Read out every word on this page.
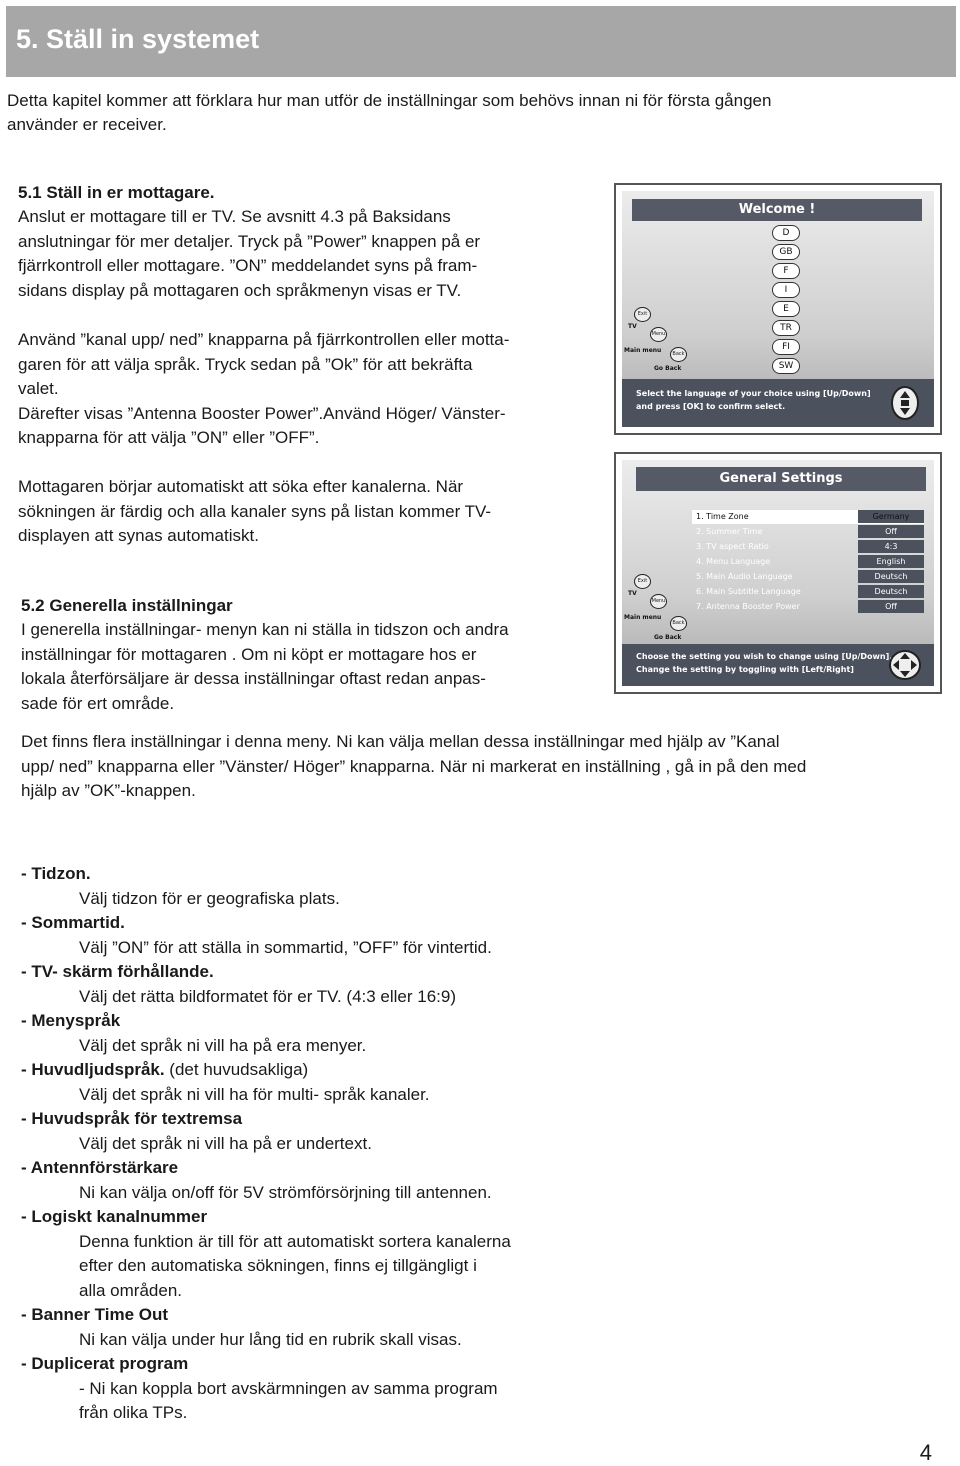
5. Ställ in systemet

Detta kapitel kommer att förklara hur man utför de inställningar som behövs innan ni för första gången

använder er receiver.

5.1 Ställ in er mottagare.

Anslut er mottagare till er TV. Se avsnitt 4.3 på Baksidans

anslutningar för mer detaljer. Tryck på ”Power” knappen på er

fjärrkontroll eller mottagare. ”ON” meddelandet syns på fram-

sidans display på mottagaren och språkmenyn visas er TV.

Använd ”kanal upp/ ned” knapparna på fjärrkontrollen eller motta-

garen för att välja språk. Tryck sedan på ”Ok” för att bekräfta

valet.

Därefter visas ”Antenna Booster Power”.Använd Höger/ Vänster-

knapparna för att välja ”ON” eller ”OFF”.

Mottagaren börjar automatiskt att söka efter kanalerna. När

sökningen är färdig och alla kanaler syns på listan kommer TV-

displayen att synas automatiskt.

Welcome !
D
GB
F
I
E
TR
FI
SW
Exit
TV
Menu
Main menu	Back
Go Back
Select the language of your choice using [Up/Down]
and press [OK] to confirm select.
General Settings
1. Time Zone	Germany
2. Summer Time	Off
3. TV aspect Ratio	4:3
4. Menu Language	English
5. Main Audio Language	Deutsch
6. Main Subtitle Language	Deutsch
7. Antenna Booster Power	Off
Exit
TV
Menu
Main menu
Back
Go Back
Choose the setting you wish to change using [Up/Down].
Change the setting by toggling with [Left/Right]

5.2 Generella inställningar

I generella inställningar- menyn kan ni ställa in tidszon och andra

inställningar för mottagaren . Om ni köpt er mottagare hos er

lokala återförsäljare är dessa inställningar oftast redan anpas-

sade för ert område.

Det finns flera inställningar i denna meny. Ni kan välja mellan dessa inställningar med hjälp av ”Kanal

upp/ ned” knapparna eller ”Vänster/ Höger” knapparna. När ni markerat en inställning , gå in på den med

hjälp av ”OK”-knappen.

- Tidzon.
Välj tidzon för er geografiska plats.
- Sommartid.
Välj ”ON” för att ställa in sommartid, ”OFF” för vintertid.
- TV- skärm förhållande.
Välj det rätta bildformatet för er TV. (4:3 eller 16:9)
- Menyspråk
Välj det språk ni vill ha på era menyer.
- Huvudljudspråk. (det huvudsakliga)
Välj det språk ni vill ha för multi- språk kanaler.
- Huvudspråk för textremsa
Välj det språk ni vill ha på er undertext.
- Antennförstärkare
Ni kan välja on/off för 5V strömförsörjning till antennen.
- Logiskt kanalnummer
Denna funktion är till för att automatiskt sortera kanalerna
efter den automatiska sökningen, finns ej tillgängligt i
alla områden.
- Banner Time Out
Ni kan välja under hur lång tid en rubrik skall visas.
- Duplicerat program
- Ni kan koppla bort avskärmningen av samma program
från olika TPs.
4
